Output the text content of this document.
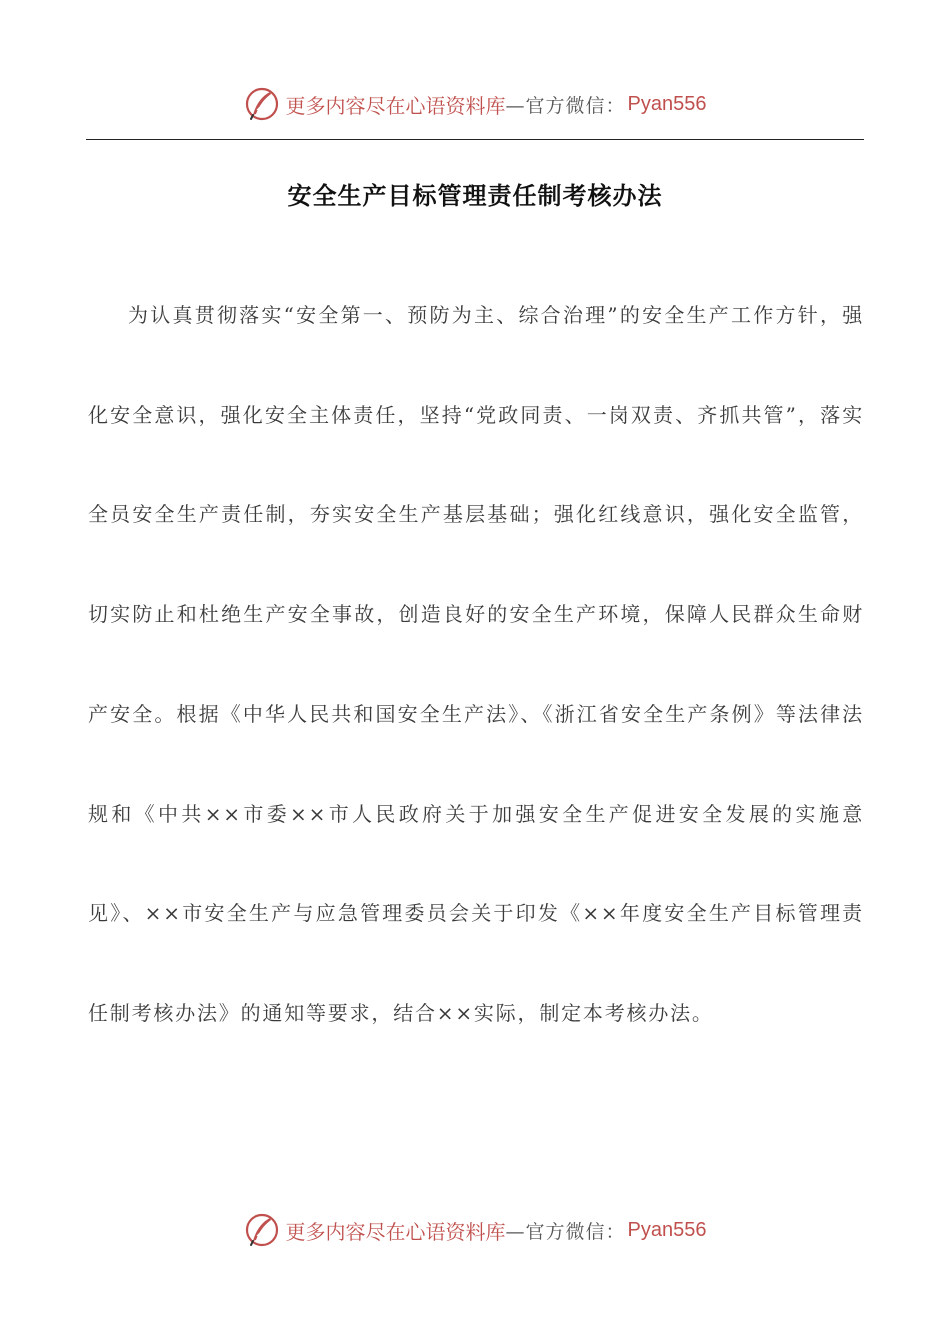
更多内容尽在心语资料库 —官方微信： Pyan556
安全生产目标管理责任制考核办法

为认真贯彻落实“安全第一、预防为主、综合治理”的安全生产工作方针，强化安全意识，强化安全主体责任，坚持“党政同责、一岗双责、齐抓共管”，落实全员安全生产责任制，夯实安全生产基层基础；强化红线意识，强化安全监管，切实防止和杜绝生产安全事故，创造良好的安全生产环境，保障人民群众生命财产安全。根据《中华人民共和国安全生产法》、《浙江省安全生产条例》等法律法规和《中共××市委××市人民政府关于加强安全生产促进安全发展的实施意见》、××市安全生产与应急管理委员会关于印发《××年度安全生产目标管理责任制考核办法》的通知等要求，结合××实际，制定本考核办法。

更多内容尽在心语资料库 —官方微信： Pyan556
